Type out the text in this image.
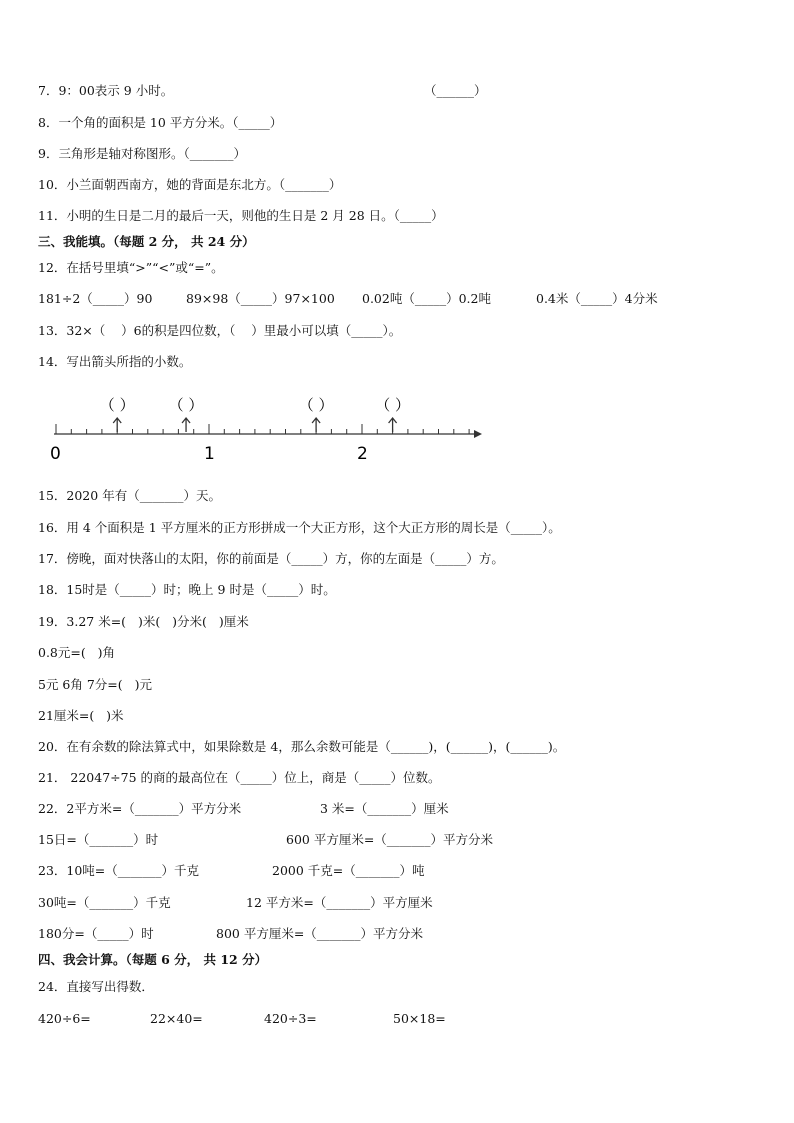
7．9：00表示 9 小时。	（______）
8．一个角的面积是 10 平方分米。（_____）
9．三角形是轴对称图形。（_______）
10．小兰面朝西南方，她的背面是东北方。（_______）
11．小明的生日是二月的最后一天，则他的生日是 2 月 28 日。（_____）
三、我能填。（每题 2 分， 共 24 分）
12．在括号里填“>”“<”或“=”。
181÷2（_____）90	89×98（_____）97×100 0.02吨（_____）0.2吨	0.4米（_____）4分米
13．32×（    ）6的积是四位数，（    ）里最小可以填（_____）。
14．写出箭头所指的小数。
0	1	2
（ ） （ ）	（ ）	（ ）
15．2020 年有（_______）天。
16．用 4 个面积是 1 平方厘米的正方形拼成一个大正方形，这个大正方形的周长是（_____）。
17．傍晚，面对快落山的太阳，你的前面是（_____）方，你的左面是（_____）方。
18．15时是（_____）时；晚上 9 时是（_____）时。
19．3.27 米=(   )米(   )分米(   )厘米
0.8元=(   )角
5元 6角 7分=(   )元
21厘米=(   )米
20．在有余数的除法算式中，如果除数是 4，那么余数可能是（______)，(______)，(______)。
21． 22047÷75 的商的最高位在（_____）位上，商是（_____）位数。
22．2平方米=（_______）平方分米	3 米=（_______）厘米
15日=（_______）时	600 平方厘米=（_______）平方分米
23．10吨=（_______）千克	2000 千克=（_______）吨
30吨=（_______）千克	12 平方米=（_______）平方厘米
180分=（_____）时	800 平方厘米=（_______）平方分米
四、我会计算。（每题 6 分， 共 12 分）
24．直接写出得数．
420÷6=	22×40=	420÷3=	50×18=
